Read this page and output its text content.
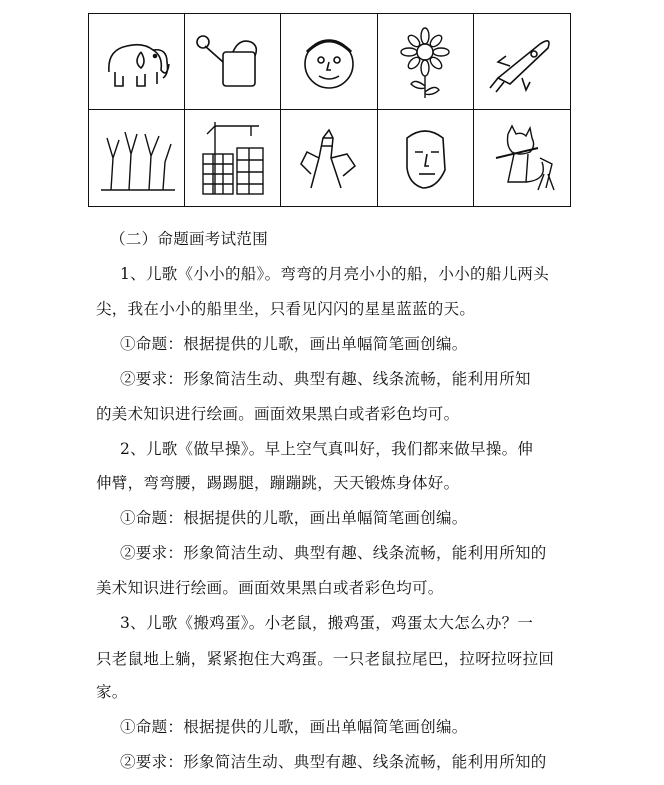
（二）命题画考试范围
1、儿歌《小小的船》。弯弯的月亮小小的船，小小的船儿两头
尖，我在小小的船里坐，只看见闪闪的星星蓝蓝的天。
①命题：根据提供的儿歌，画出单幅简笔画创编。
②要求：形象简洁生动、典型有趣、线条流畅，能利用所知
的美术知识进行绘画。画面效果黑白或者彩色均可。
2、儿歌《做早操》。早上空气真叫好，我们都来做早操。伸
伸臂，弯弯腰，踢踢腿，蹦蹦跳，天天锻炼身体好。
①命题：根据提供的儿歌，画出单幅简笔画创编。
②要求：形象简洁生动、典型有趣、线条流畅，能利用所知的
美术知识进行绘画。画面效果黑白或者彩色均可。
3、儿歌《搬鸡蛋》。小老鼠，搬鸡蛋，鸡蛋太大怎么办？一
只老鼠地上躺，紧紧抱住大鸡蛋。一只老鼠拉尾巴，拉呀拉呀拉回
家。
①命题：根据提供的儿歌，画出单幅简笔画创编。
②要求：形象简洁生动、典型有趣、线条流畅，能利用所知的
